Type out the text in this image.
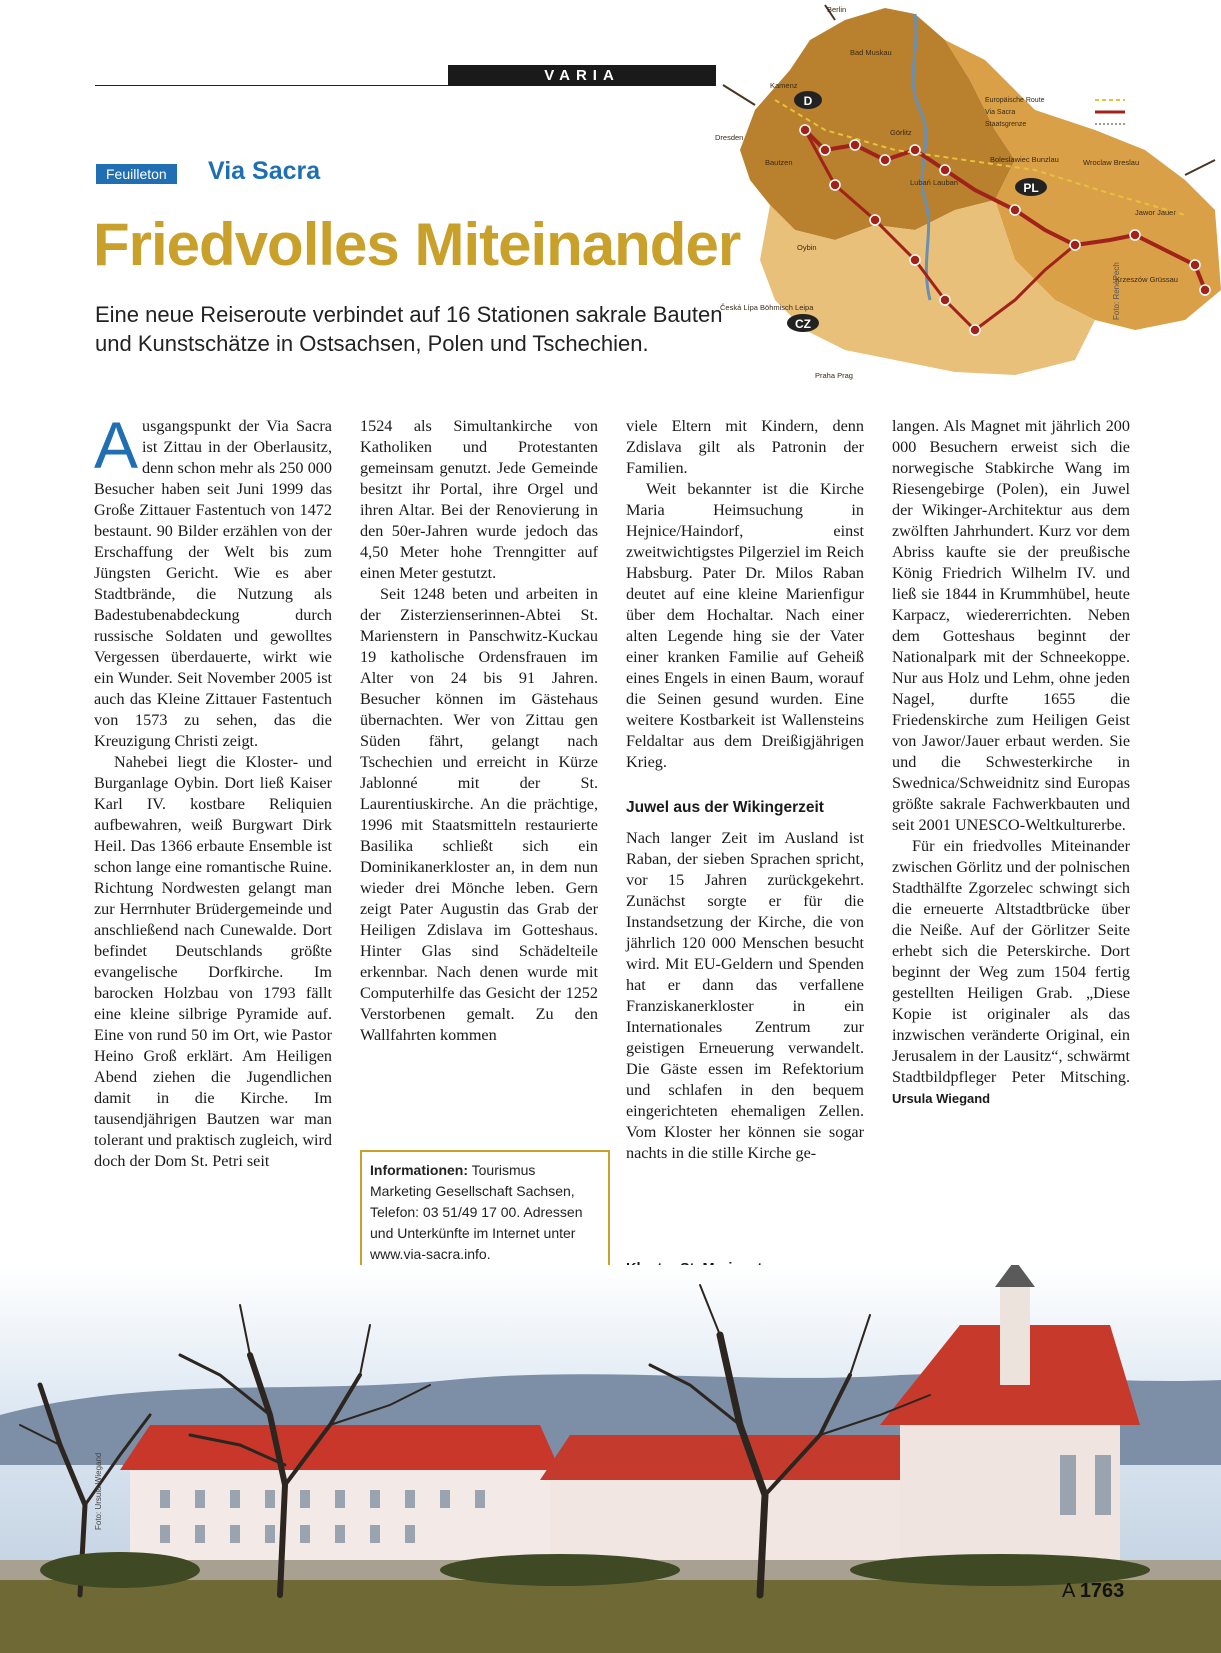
VARIA
Feuilleton	Via Sacra
Friedvolles Miteinander
Eine neue Reiseroute verbindet auf 16 Stationen sakrale Bauten und Kunstschätze in Ostsachsen, Polen und Tschechien.
D
PL
CZ
Berlin
Bad Muskau
Kamenz
Dresden
Bautzen
Görlitz
Boleslawiec Bunzlau	Wroclaw Breslau
Jawor Jauer
Krzeszów Grüssau
Lubań Lauban
Oybin
Česká Lípa Böhmisch Leipa
Praha Prag
Europäische Route
Via Sacra
Staatsgrenze
Foto: RenéPech

Ausgangspunkt der Via Sacra ist Zittau in der Oberlausitz, denn schon mehr als 250 000 Besucher haben seit Juni 1999 das Große Zittauer Fastentuch von 1472 bestaunt. 90 Bilder erzählen von der Erschaffung der Welt bis zum Jüngsten Gericht. Wie es aber Stadtbrände, die Nutzung als Badestubenabdeckung durch russische Soldaten und gewolltes Vergessen überdauerte, wirkt wie ein Wunder. Seit November 2005 ist auch das Kleine Zittauer Fastentuch von 1573 zu sehen, das die Kreuzigung Christi zeigt.

Nahebei liegt die Kloster- und Burganlage Oybin. Dort ließ Kaiser Karl IV. kostbare Reliquien aufbewahren, weiß Burgwart Dirk Heil. Das 1366 erbaute Ensemble ist schon lange eine romantische Ruine. Richtung Nordwesten gelangt man zur Herrnhuter Brüdergemeinde und anschließend nach Cunewalde. Dort befindet Deutschlands größte evangelische Dorfkirche. Im barocken Holzbau von 1793 fällt eine kleine silbrige Pyramide auf. Eine von rund 50 im Ort, wie Pastor Heino Groß erklärt. Am Heiligen Abend ziehen die Jugendlichen damit in die Kirche. Im tausendjährigen Bautzen war man tolerant und praktisch zugleich, wird doch der Dom St. Petri seit

1524 als Simultankirche von Katholiken und Protestanten gemeinsam genutzt. Jede Gemeinde besitzt ihr Portal, ihre Orgel und ihren Altar. Bei der Renovierung in den 50er-Jahren wurde jedoch das 4,50 Meter hohe Trenngitter auf einen Meter gestutzt.

Seit 1248 beten und arbeiten in der Zisterzienserinnen-Abtei St. Marienstern in Panschwitz-Kuckau 19 katholische Ordensfrauen im Alter von 24 bis 91 Jahren. Besucher können im Gästehaus übernachten. Wer von Zittau gen Süden fährt, gelangt nach Tschechien und erreicht in Kürze Jablonné mit der St. Laurentiuskirche. An die prächtige, 1996 mit Staatsmitteln restaurierte Basilika schließt sich ein Dominikanerkloster an, in dem nun wieder drei Mönche leben. Gern zeigt Pater Augustin das Grab der Heiligen Zdislava im Gotteshaus. Hinter Glas sind Schädelteile erkennbar. Nach denen wurde mit Computerhilfe das Gesicht der 1252 Verstorbenen gemalt. Zu den Wallfahrten kommen

viele Eltern mit Kindern, denn Zdislava gilt als Patronin der Familien.

Weit bekannter ist die Kirche Maria Heimsuchung in Hejnice/Haindorf, einst zweitwichtigstes Pilgerziel im Reich Habsburg. Pater Dr. Milos Raban deutet auf eine kleine Marienfigur über dem Hochaltar. Nach einer alten Legende hing sie der Vater einer kranken Familie auf Geheiß eines Engels in einen Baum, worauf die Seinen gesund wurden. Eine weitere Kostbarkeit ist Wallensteins Feldaltar aus dem Dreißigjährigen Krieg.

Juwel aus der Wikingerzeit

Nach langer Zeit im Ausland ist Raban, der sieben Sprachen spricht, vor 15 Jahren zurückgekehrt. Zunächst sorgte er für die Instandsetzung der Kirche, die von jährlich 120 000 Menschen besucht wird. Mit EU-Geldern und Spenden hat er dann das verfallene Franziskanerkloster in ein Internationales Zentrum zur geistigen Erneuerung verwandelt. Die Gäste essen im Refektorium und schlafen in den bequem eingerichteten ehemaligen Zellen. Vom Kloster her können sie sogar nachts in die stille Kirche ge-

langen. Als Magnet mit jährlich 200 000 Besuchern erweist sich die norwegische Stabkirche Wang im Riesengebirge (Polen), ein Juwel der Wikinger-Architektur aus dem zwölften Jahrhundert. Kurz vor dem Abriss kaufte sie der preußische König Friedrich Wilhelm IV. und ließ sie 1844 in Krummhübel, heute Karpacz, wiedererrichten. Neben dem Gotteshaus beginnt der Nationalpark mit der Schneekoppe. Nur aus Holz und Lehm, ohne jeden Nagel, durfte 1655 die Friedenskirche zum Heiligen Geist von Jawor/Jauer erbaut werden. Sie und die Schwesterkirche in Swednica/Schweidnitz sind Europas größte sakrale Fachwerkbauten und seit 2001 UNESCO-Weltkulturerbe.

Für ein friedvolles Miteinander zwischen Görlitz und der polnischen Stadthälfte Zgorzelec schwingt sich die erneuerte Altstadtbrücke über die Neiße. Auf der Görlitzer Seite erhebt sich die Peterskirche. Dort beginnt der Weg zum 1504 fertig gestellten Heiligen Grab. „Diese Kopie ist originaler als das inzwischen veränderte Original, ein Jerusalem in der Lausitz“, schwärmt Stadtbildpfleger Peter Mitsching. Ursula Wiegand

Informationen: Tourismus Marketing Gesellschaft Sachsen, Telefon: 03 51/49 17 00. Adressen und Unterkünfte im Internet unter www.via-sacra.info.
Foto: Ursula Wiegand
A 1763
